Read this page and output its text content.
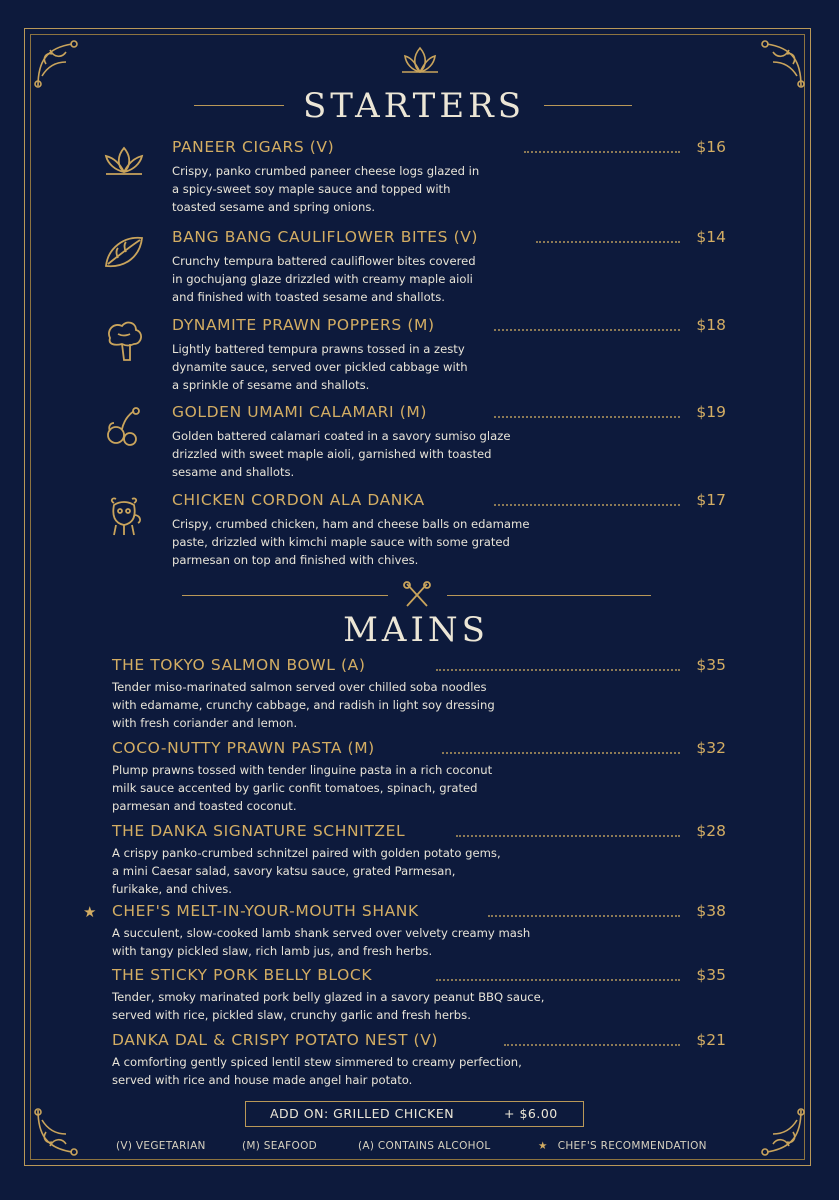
STARTERS
PANEER CIGARS (V)	$16
Crispy, panko crumbed paneer cheese logs glazed in
a spicy-sweet soy maple sauce and topped with
toasted sesame and spring onions.
BANG BANG CAULIFLOWER BITES (V)	$14
Crunchy tempura battered cauliflower bites covered
in gochujang glaze drizzled with creamy maple aioli
and finished with toasted sesame and shallots.
DYNAMITE PRAWN POPPERS (M)	$18
Lightly battered tempura prawns tossed in a zesty
dynamite sauce, served over pickled cabbage with
a sprinkle of sesame and shallots.
GOLDEN UMAMI CALAMARI (M)	$19
Golden battered calamari coated in a savory sumiso glaze
drizzled with sweet maple aioli, garnished with toasted
sesame and shallots.
CHICKEN CORDON ALA DANKA	$17
Crispy, crumbed chicken, ham and cheese balls on edamame
paste, drizzled with kimchi maple sauce with some grated
parmesan on top and finished with chives.
MAINS
THE TOKYO SALMON BOWL (A)	$35
Tender miso-marinated salmon served over chilled soba noodles
with edamame, crunchy cabbage, and radish in light soy dressing
with fresh coriander and lemon.
COCO-NUTTY PRAWN PASTA (M)	$32
Plump prawns tossed with tender linguine pasta in a rich coconut
milk sauce accented by garlic confit tomatoes, spinach, grated
parmesan and toasted coconut.
THE DANKA SIGNATURE SCHNITZEL	$28
A crispy panko-crumbed schnitzel paired with golden potato gems,
a mini Caesar salad, savory katsu sauce, grated Parmesan,
furikake, and chives.
★ CHEF'S MELT-IN-YOUR-MOUTH SHANK	$38
A succulent, slow-cooked lamb shank served over velvety creamy mash
with tangy pickled slaw, rich lamb jus, and fresh herbs.
THE STICKY PORK BELLY BLOCK	$35
Tender, smoky marinated pork belly glazed in a savory peanut BBQ sauce,
served with rice, pickled slaw, crunchy garlic and fresh herbs.
DANKA DAL & CRISPY POTATO NEST (V)	$21
A comforting gently spiced lentil stew simmered to creamy perfection,
served with rice and house made angel hair potato.
ADD ON: GRILLED CHICKEN	+ $6.00
(V) VEGETARIAN	(M) SEAFOOD	(A) CONTAINS ALCOHOL	★ CHEF'S RECOMMENDATION
